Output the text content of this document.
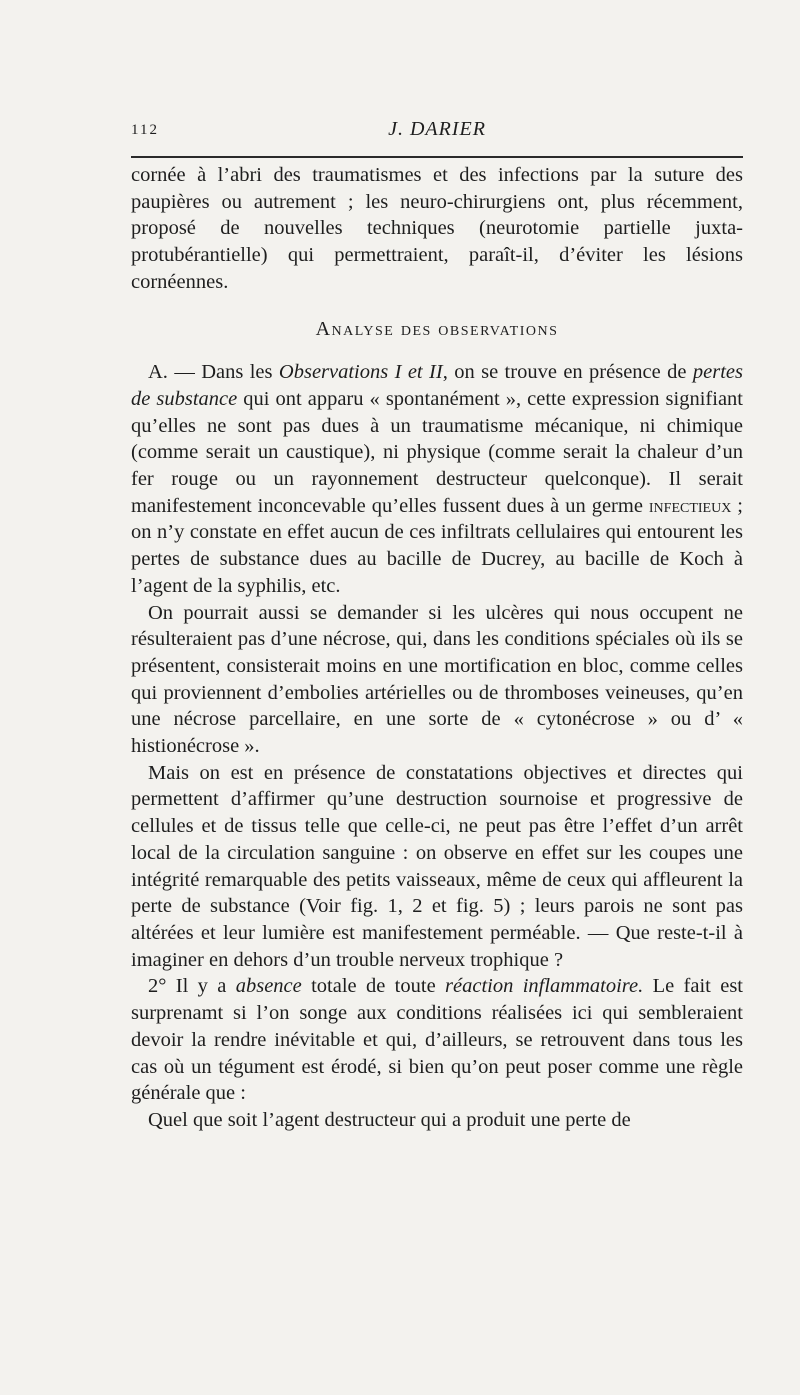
112	J. DARIER

cornée à l’abri des traumatismes et des infections par la suture des paupières ou autrement ; les neuro-chirurgiens ont, plus récemment, proposé de nouvelles techniques (neurotomie partielle juxta-protubérantielle) qui permettraient, paraît-il, d’éviter les lésions cornéennes.

Analyse des observations

A. — Dans les Observations I et II, on se trouve en présence de pertes de substance qui ont apparu « spontanément », cette expression signifiant qu’elles ne sont pas dues à un traumatisme mécanique, ni chimique (comme serait un caustique), ni physique (comme serait la chaleur d’un fer rouge ou un rayonnement destructeur quelconque). Il serait manifestement inconcevable qu’elles fussent dues à un germe infectieux ; on n’y constate en effet aucun de ces infiltrats cellulaires qui entourent les pertes de substance dues au bacille de Ducrey, au bacille de Koch à l’agent de la syphilis, etc.

On pourrait aussi se demander si les ulcères qui nous occupent ne résulteraient pas d’une nécrose, qui, dans les conditions spéciales où ils se présentent, consisterait moins en une mortification en bloc, comme celles qui proviennent d’embolies artérielles ou de thromboses veineuses, qu’en une nécrose parcellaire, en une sorte de « cytonécrose » ou d’ « histionécrose ».

Mais on est en présence de constatations objectives et directes qui permettent d’affirmer qu’une destruction sournoise et progressive de cellules et de tissus telle que celle-ci, ne peut pas être l’effet d’un arrêt local de la circulation sanguine : on observe en effet sur les coupes une intégrité remarquable des petits vaisseaux, même de ceux qui affleurent la perte de substance (Voir fig. 1, 2 et fig. 5) ; leurs parois ne sont pas altérées et leur lumière est manifestement perméable. — Que reste-t-il à imaginer en dehors d’un trouble nerveux trophique ?

2° Il y a absence totale de toute réaction inflammatoire. Le fait est surprenamt si l’on songe aux conditions réalisées ici qui sembleraient devoir la rendre inévitable et qui, d’ailleurs, se retrouvent dans tous les cas où un tégument est érodé, si bien qu’on peut poser comme une règle générale que :

Quel que soit l’agent destructeur qui a produit une perte de
